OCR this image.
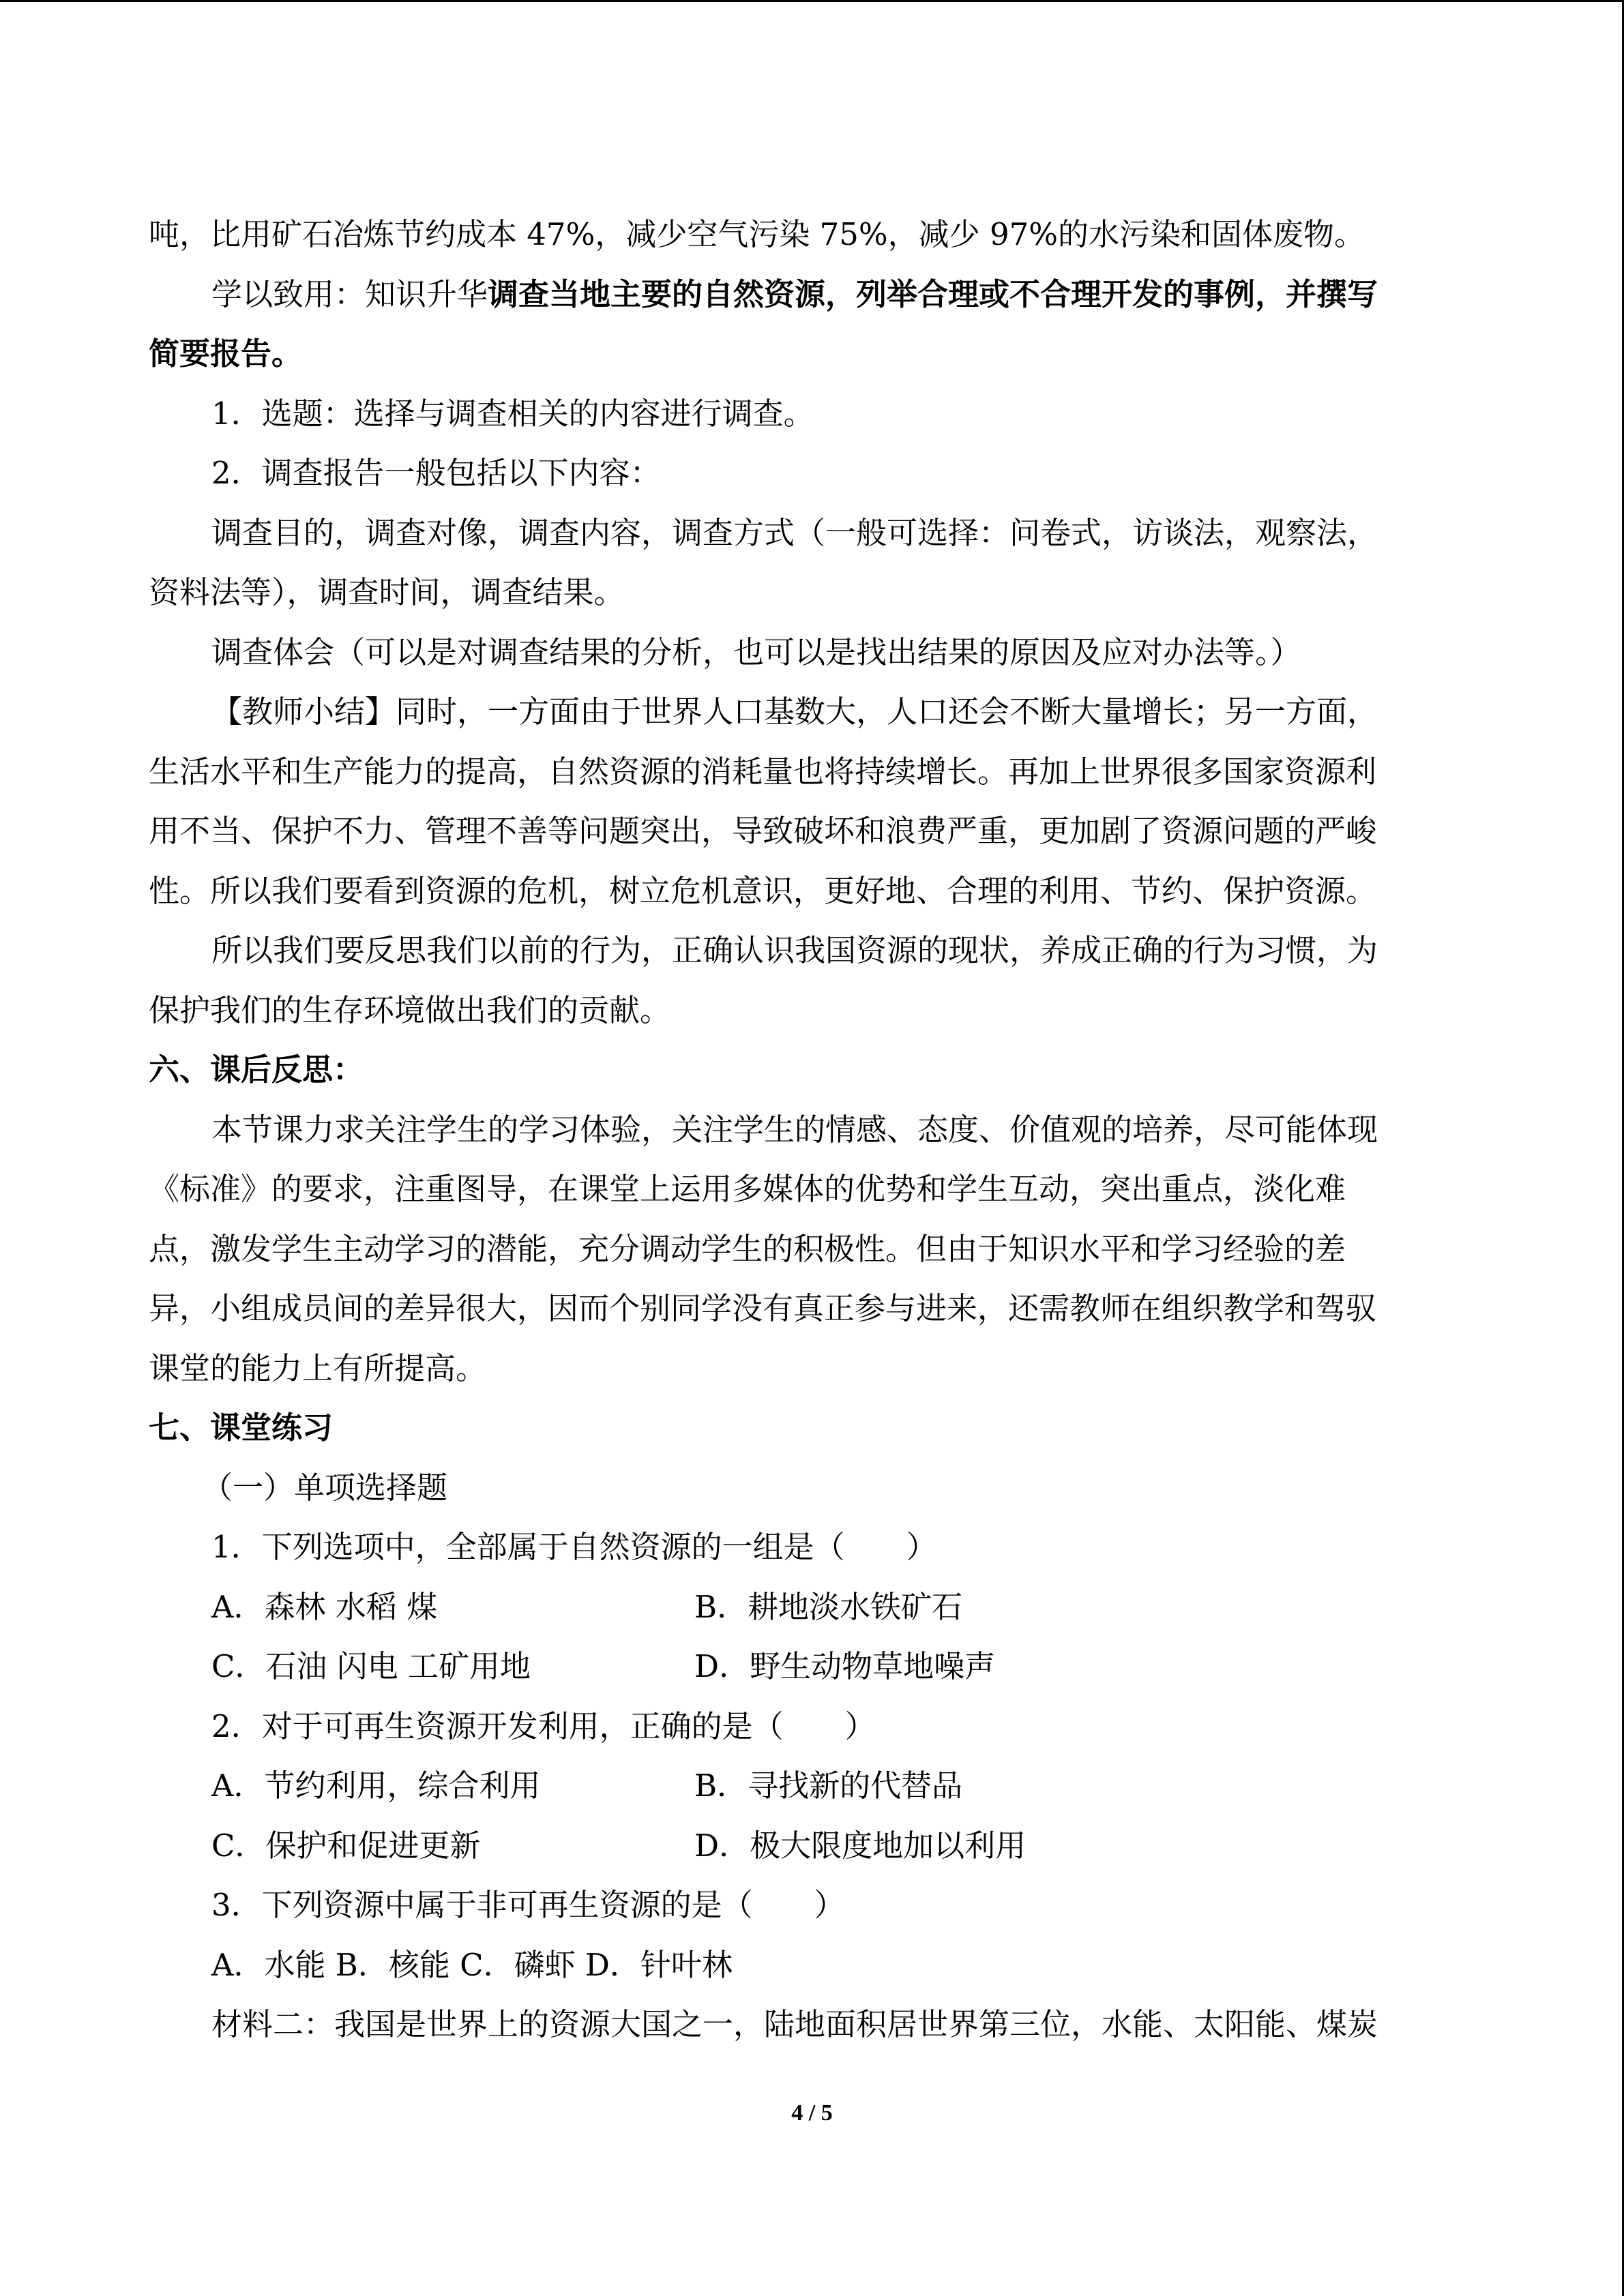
吨，比用矿石冶炼节约成本 47%，减少空气污染 75%，减少 97%的水污染和固体废物。
学以致用：知识升华调查当地主要的自然资源，列举合理或不合理开发的事例，并撰写
简要报告。
1．选题：选择与调查相关的内容进行调查。
2．调查报告一般包括以下内容：
调查目的，调查对像，调查内容，调查方式（一般可选择：问卷式，访谈法，观察法，
资料法等），调查时间，调查结果。
调查体会（可以是对调查结果的分析，也可以是找出结果的原因及应对办法等。）
【教师小结】同时，一方面由于世界人口基数大，人口还会不断大量增长；另一方面，
生活水平和生产能力的提高，自然资源的消耗量也将持续增长。再加上世界很多国家资源利
用不当、保护不力、管理不善等问题突出，导致破坏和浪费严重，更加剧了资源问题的严峻
性。所以我们要看到资源的危机，树立危机意识，更好地、合理的利用、节约、保护资源。
所以我们要反思我们以前的行为，正确认识我国资源的现状，养成正确的行为习惯，为
保护我们的生存环境做出我们的贡献。
六、课后反思：
本节课力求关注学生的学习体验，关注学生的情感、态度、价值观的培养，尽可能体现
《标准》的要求，注重图导，在课堂上运用多媒体的优势和学生互动，突出重点，淡化难
点，激发学生主动学习的潜能，充分调动学生的积极性。但由于知识水平和学习经验的差
异，小组成员间的差异很大，因而个别同学没有真正参与进来，还需教师在组织教学和驾驭
课堂的能力上有所提高。
七、课堂练习
（一）单项选择题
1．下列选项中，全部属于自然资源的一组是（　　）
A．森林 水稻 煤	B．耕地淡水铁矿石
C．石油 闪电 工矿用地	D．野生动物草地噪声
2．对于可再生资源开发利用，正确的是（　　）
A．节约利用，综合利用	B．寻找新的代替品
C．保护和促进更新	D．极大限度地加以利用
3．下列资源中属于非可再生资源的是（　　）
A．水能 B．核能 C．磷虾 D．针叶林
材料二：我国是世界上的资源大国之一，陆地面积居世界第三位，水能、太阳能、煤炭
4 / 5
